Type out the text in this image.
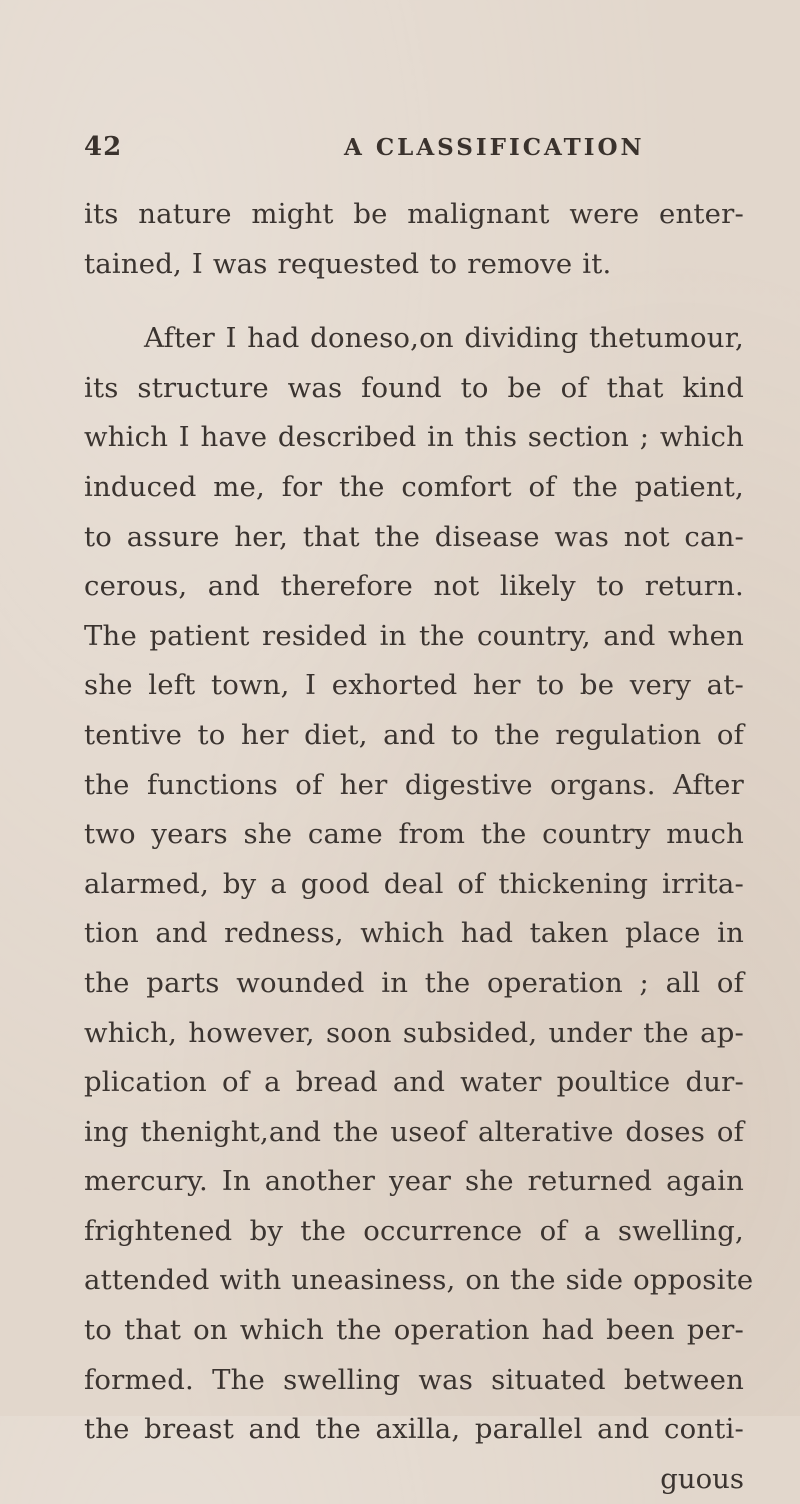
42	A CLASSIFICATION
its nature might be malignant were enter-
tained, I was requested to remove it.
After I had doneso,on dividing thetumour,
its structure was found to be of that kind
which I have described in this section ; which
induced me, for the comfort of the patient,
to assure her, that the disease was not can-
cerous, and therefore not likely to return.
The patient resided in the country, and when
she left town, I exhorted her to be very at-
tentive to her diet, and to the regulation of
the functions of her digestive organs. After
two years she came from the country much
alarmed, by a good deal of thickening irrita-
tion and redness, which had taken place in
the parts wounded in the operation ; all of
which, however, soon subsided, under the ap-
plication of a bread and water poultice dur-
ing thenight,and the useof alterative doses of
mercury. In another year she returned again
frightened by the occurrence of a swelling,
attended with uneasiness, on the side opposite
to that on which the operation had been per-
formed. The swelling was situated between
the breast and the axilla, parallel and conti-
guous
